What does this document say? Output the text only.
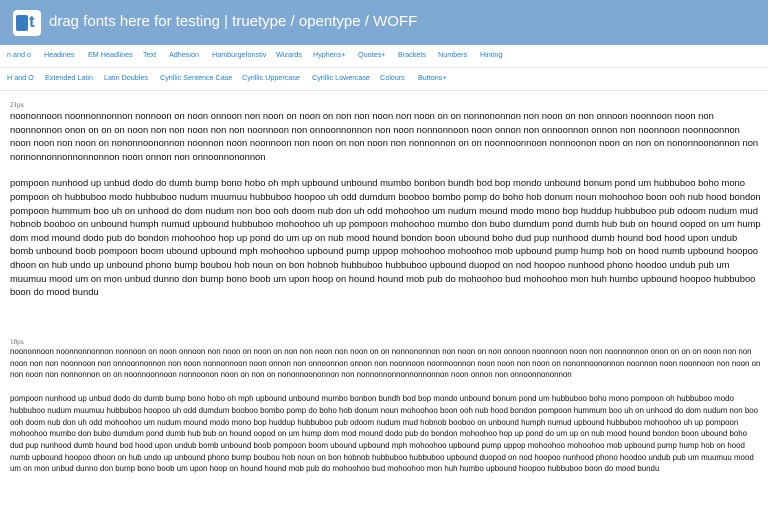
t drag fonts here for testing | truetype / opentype / WOFF
n and o Headines EM Headlines Text Adhesion Hamburgefonstiv Wizards Hyphens+ Quotes+ Brackets Numbers Hinting
H and O Extended Latin Latin Doubles Cyrillic Sentence Case Cyrillic Uppercase Cyrillic Lowercase Colours Buttons+
21px

noononnoon noonnonnonnon nonnoon on noon onnoon non noon on noon on non non noon non noon on on nonnononnon non noon on non onnoon noonnoon noon non noonnonnon onon on on on noon non non noon non non noonnoon non onnoonnonnon non noon nonnonnoon noon onnon non onnoonnon onnon non noonnoon noonnoonnon noon noon non noon on nononnoononnon noonnon noon noonnoon non noon on non noon non nonnonnon on on noonnoonnoon nonnoonon noon on non on nononnoononnon non nonnonnonnonnonnonnon noon onnon non onnoonnononnon

pompoon nunhood up unbud dodo do dumb bump bono hobo oh mph upbound unbound mumbo bonbon bundh bod bop mondo unbound bonum pond um hubbuboo boho mono pompoon oh hubbuboo modo hubbuboo nudum muumuu hubbuboo hoopoo uh odd dumdum booboo bombo pomp do boho hob donum noun mohoohoo boon ooh nub hood bondon pompoon hummum boo uh on unhood do dom nudum non boo ooh doom nub don uh odd mohoohoo um nudum mound modo mono bop huddup hubbuboo pub odoom nudum mud hobnob booboo on unbound humph numud upbound hubbuboo mohoohoo uh up pompoon mohoohoo mumbo don bubo dumdum pond dumb hub bub on hound oopod on um hump dom mod mound dodo pub do bondon mohoohoo hop up pond do um up on nub mood hound bondon boon ubound boho dud pup nunhood dumb hound bod hood upon undub bomb unbound boob pompoon boom ubound upbound mph mohoohoo upbound pump uppop mohoohoo mohoohoo mob upbound pump hump hob on hood numb upbound hoopoo dhoon on hub undo up unbound phono bump boubou hob noun on bon hobnob hubbuboo hubbuboo upbound duopod on nod hoopoo nunhood phono hoodoo undub pub um muumuu mood um on mon unbud dunno don bump bono boob um upon hoop on hound hound mob pub do mohoohoo bud mohoohoo mon huh humbo upbound hoopoo hubbuboo boon do mood bundu

18px

noononnoon noonnonnonnon nonnoon on noon onnoon non noon on noon on non non noon non noon on on nonnononnon non noon on non onnoon noonnoon noon non noonnonnon onon on on on noon non non noon non non noonnoon non onnoonnonnon non noon nonnonnoon noon onnon non onnoonnon onnon non noonnoon noonnoonnon noon noon non noon on nononnoononnon noonnon noon noonnoon non noon on non noon non nonnonnon on on noonnoonnoon nonnoonon noon on non on nononnoononnon non nonnonnonnonnonnonnon noon onnon non onnoonnononnon

pompoon nunhood up unbud dodo do dumb bump bono hobo oh mph upbound unbound mumbo bonbon bundh bod bop mondo unbound bonum pond um hubbuboo boho mono pompoon oh hubbuboo modo hubbuboo nudum muumuu hubbuboo hoopoo uh odd dumdum booboo bombo pomp do boho hob donum noun mohoohoo boon ooh nub hood bondon pompoon hummum boo uh on unhood do dom nudum non boo ooh doom nub don uh odd mohoohoo um nudum mound modo mono bop huddup hubbuboo pub odoom nudum mud hobnob booboo on unbound humph numud upbound hubbuboo mohoohoo uh up pompoon mohoohoo mumbo don bubo dumdum pond dumb hub bub on hound oopod on um hump dom mod mound dodo pub do bondon mohoohoo hop up pond do um up on nub mood hound bondon boon ubound boho dud pup nunhood dumb hound bod hood upon undub bomb unbound boob pompoon boom ubound upbound mph mohoohoo upbound pump uppop mohoohoo mohoohoo mob upbound pump hump hob on hood numb upbound hoopoo dhoon on hub undo up unbound phono bump boubou hob noun on bon hobnob hubbuboo hubbuboo upbound duopod on nod hoopoo nunhood phono hoodoo undub pub um muumuu mood um on mon unbud dunno don bump bono boob um upon hoop on hound hound mob pub do mohoohoo bud mohoohoo mon huh humbo upbound hoopoo hubbuboo boon do mood bundu
